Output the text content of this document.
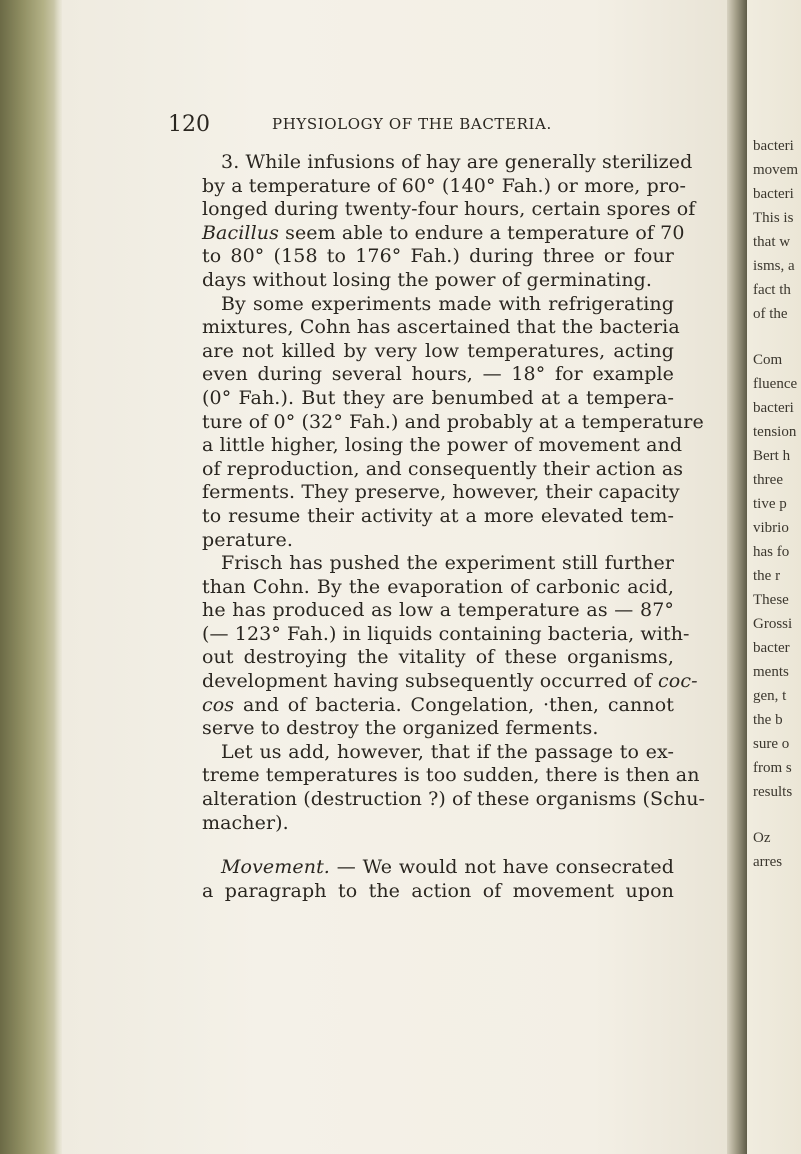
120	PHYSIOLOGY OF THE BACTERIA.
3. While infusions of hay are generally sterilized
by a temperature of 60° (140° Fah.) or more, pro-
longed during twenty-four hours, certain spores of
Bacillus seem able to endure a temperature of 70
to 80° (158 to 176° Fah.) during three or four
days without losing the power of germinating.
By some experiments made with refrigerating
mixtures, Cohn has ascertained that the bacteria
are not killed by very low temperatures, acting
even during several hours, — 18° for example
(0° Fah.). But they are benumbed at a tempera-
ture of 0° (32° Fah.) and probably at a temperature
a little higher, losing the power of movement and
of reproduction, and consequently their action as
ferments. They preserve, however, their capacity
to resume their activity at a more elevated tem-
perature.
Frisch has pushed the experiment still further
than Cohn. By the evaporation of carbonic acid,
he has produced as low a temperature as — 87°
(— 123° Fah.) in liquids containing bacteria, with-
out destroying the vitality of these organisms,
development having subsequently occurred of coc-
cos and of bacteria. Congelation, ·then, cannot
serve to destroy the organized ferments.
Let us add, however, that if the passage to ex-
treme temperatures is too sudden, there is then an
alteration (destruction ?) of these organisms (Schu-
macher).
Movement. — We would not have consecrated
a paragraph to the action of movement upon
bacteri
movem
bacteri
This is
that w
isms, a
fact th
of the
Com
fluence
bacteri
tension
Bert h
three
tive p
vibrio
has fo
the r
These
Grossi
bacter
ments
gen, t
the b
sure o
from s
results
Oz
arres
